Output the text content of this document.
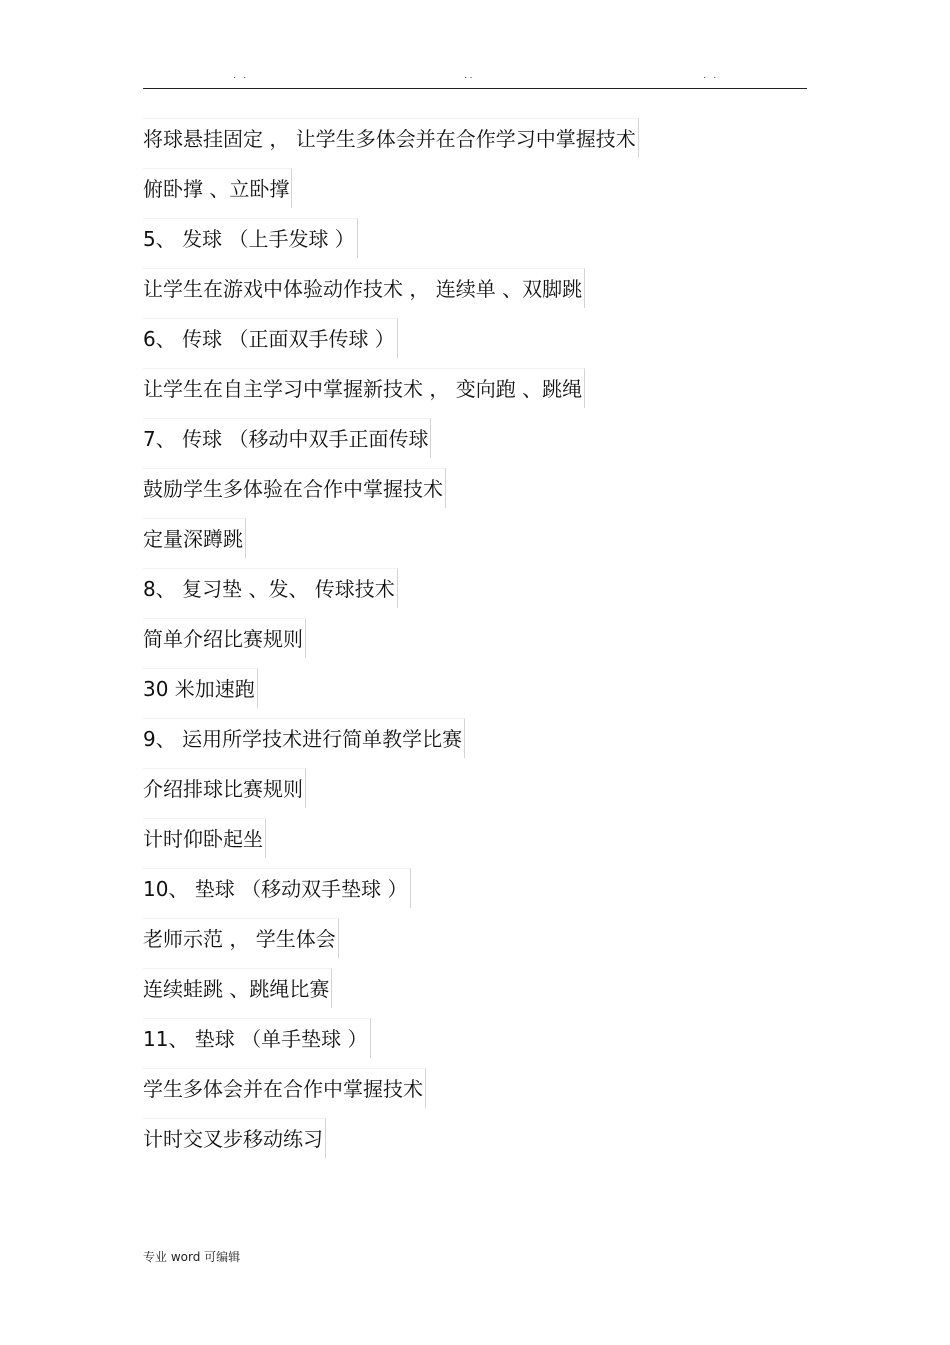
· ·	··	· ·
将球悬挂固定 ， 让学生多体会并在合作学习中掌握技术
俯卧撑 、立卧撑
5、 发球 （上手发球 ）
让学生在游戏中体验动作技术 ， 连续单 、双脚跳
6、 传球 （正面双手传球 ）
让学生在自主学习中掌握新技术 ， 变向跑 、跳绳
7、 传球 （移动中双手正面传球
鼓励学生多体验在合作中掌握技术
定量深蹲跳
8、 复习垫 、发、 传球技术
简单介绍比赛规则
30 米加速跑
9、 运用所学技术进行简单教学比赛
介绍排球比赛规则
计时仰卧起坐
10、 垫球 （移动双手垫球 ）
老师示范 ， 学生体会
连续蛙跳 、跳绳比赛
11、 垫球 （单手垫球 ）
学生多体会并在合作中掌握技术
计时交叉步移动练习
专业 word 可编辑
